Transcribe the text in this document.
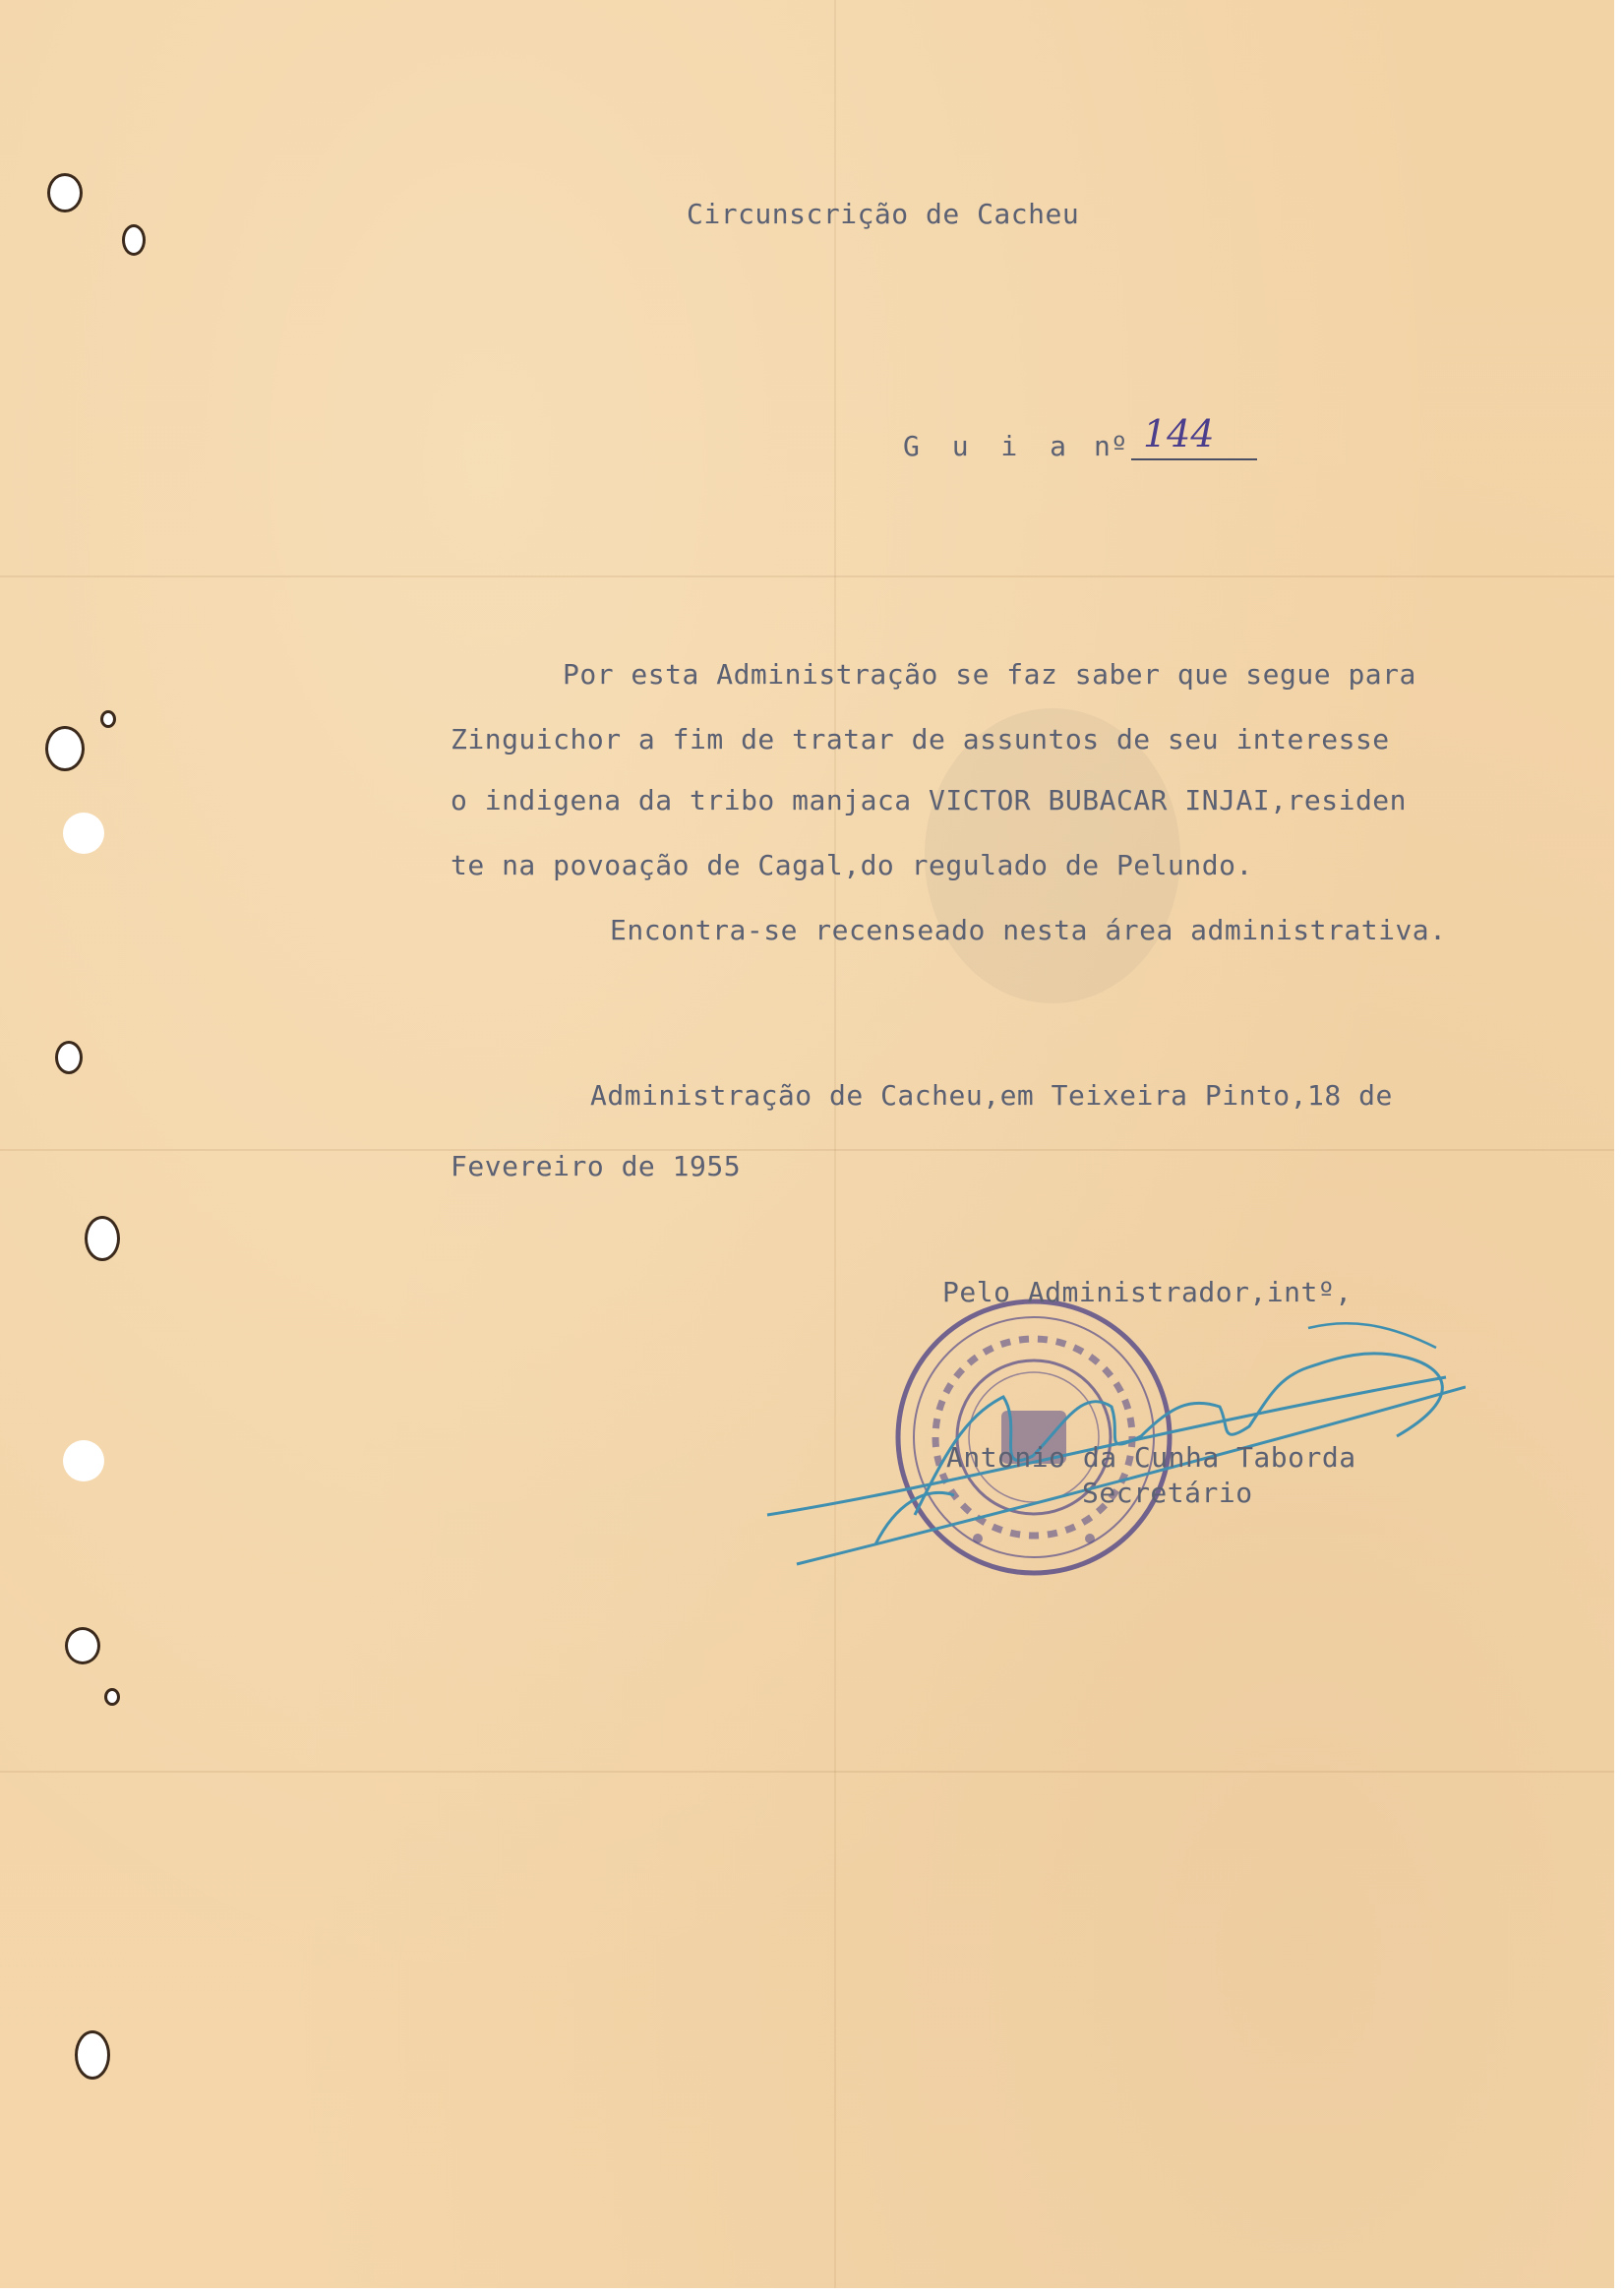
Circunscrição de Cacheu
G u i a nº 144
Por esta Administração se faz saber que segue para
Zinguichor a fim de tratar de assuntos de seu interesse
o indigena da tribo manjaca VICTOR BUBACAR INJAI,residen
te na povoação de Cagal,do regulado de Pelundo.
Encontra-se recenseado nesta área administrativa.
Administração de Cacheu,em Teixeira Pinto,18 de
Fevereiro de 1955
Pelo Administrador,intº,
Antonio da Cunha Taborda
Secretário
